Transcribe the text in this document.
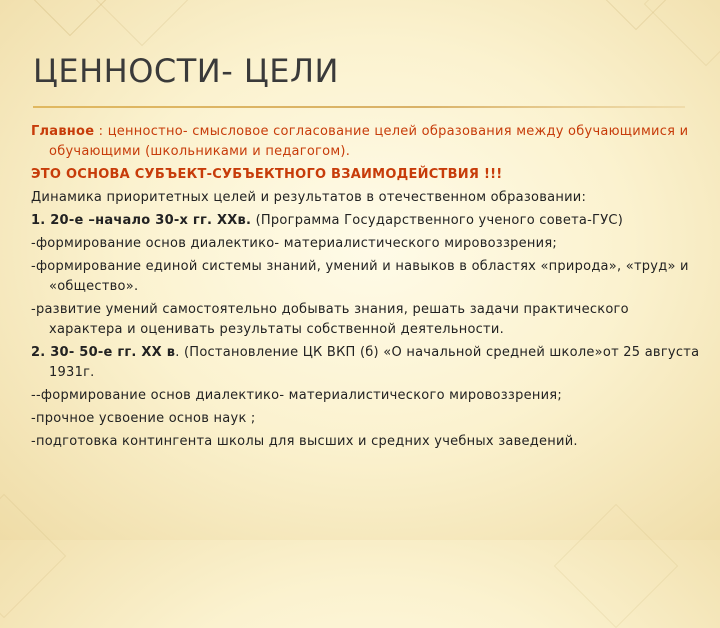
ЦЕННОСТИ- ЦЕЛИ

Главное : ценностно- смысловое согласование целей образования между обучающимися и обучающими (школьниками и педагогом).

ЭТО ОСНОВА СУБЪЕКТ-СУБЪЕКТНОГО ВЗАИМОДЕЙСТВИЯ !!!

Динамика приоритетных целей и результатов в отечественном образовании:

1. 20-е –начало 30-х гг. ХХв. (Программа Государственного ученого совета-ГУС)

-формирование основ диалектико- материалистического мировоззрения;

-формирование единой системы знаний, умений и навыков в областях «природа», «труд» и «общество».

-развитие умений самостоятельно добывать знания, решать задачи практического характера и оценивать результаты собственной деятельности.

2. 30- 50-е гг. ХХ в. (Постановление ЦК ВКП (б) «О начальной средней школе»от 25 августа 1931г.

--формирование основ диалектико- материалистического мировоззрения;

-прочное усвоение основ наук ;

-подготовка контингента школы для высших и средних учебных заведений.
